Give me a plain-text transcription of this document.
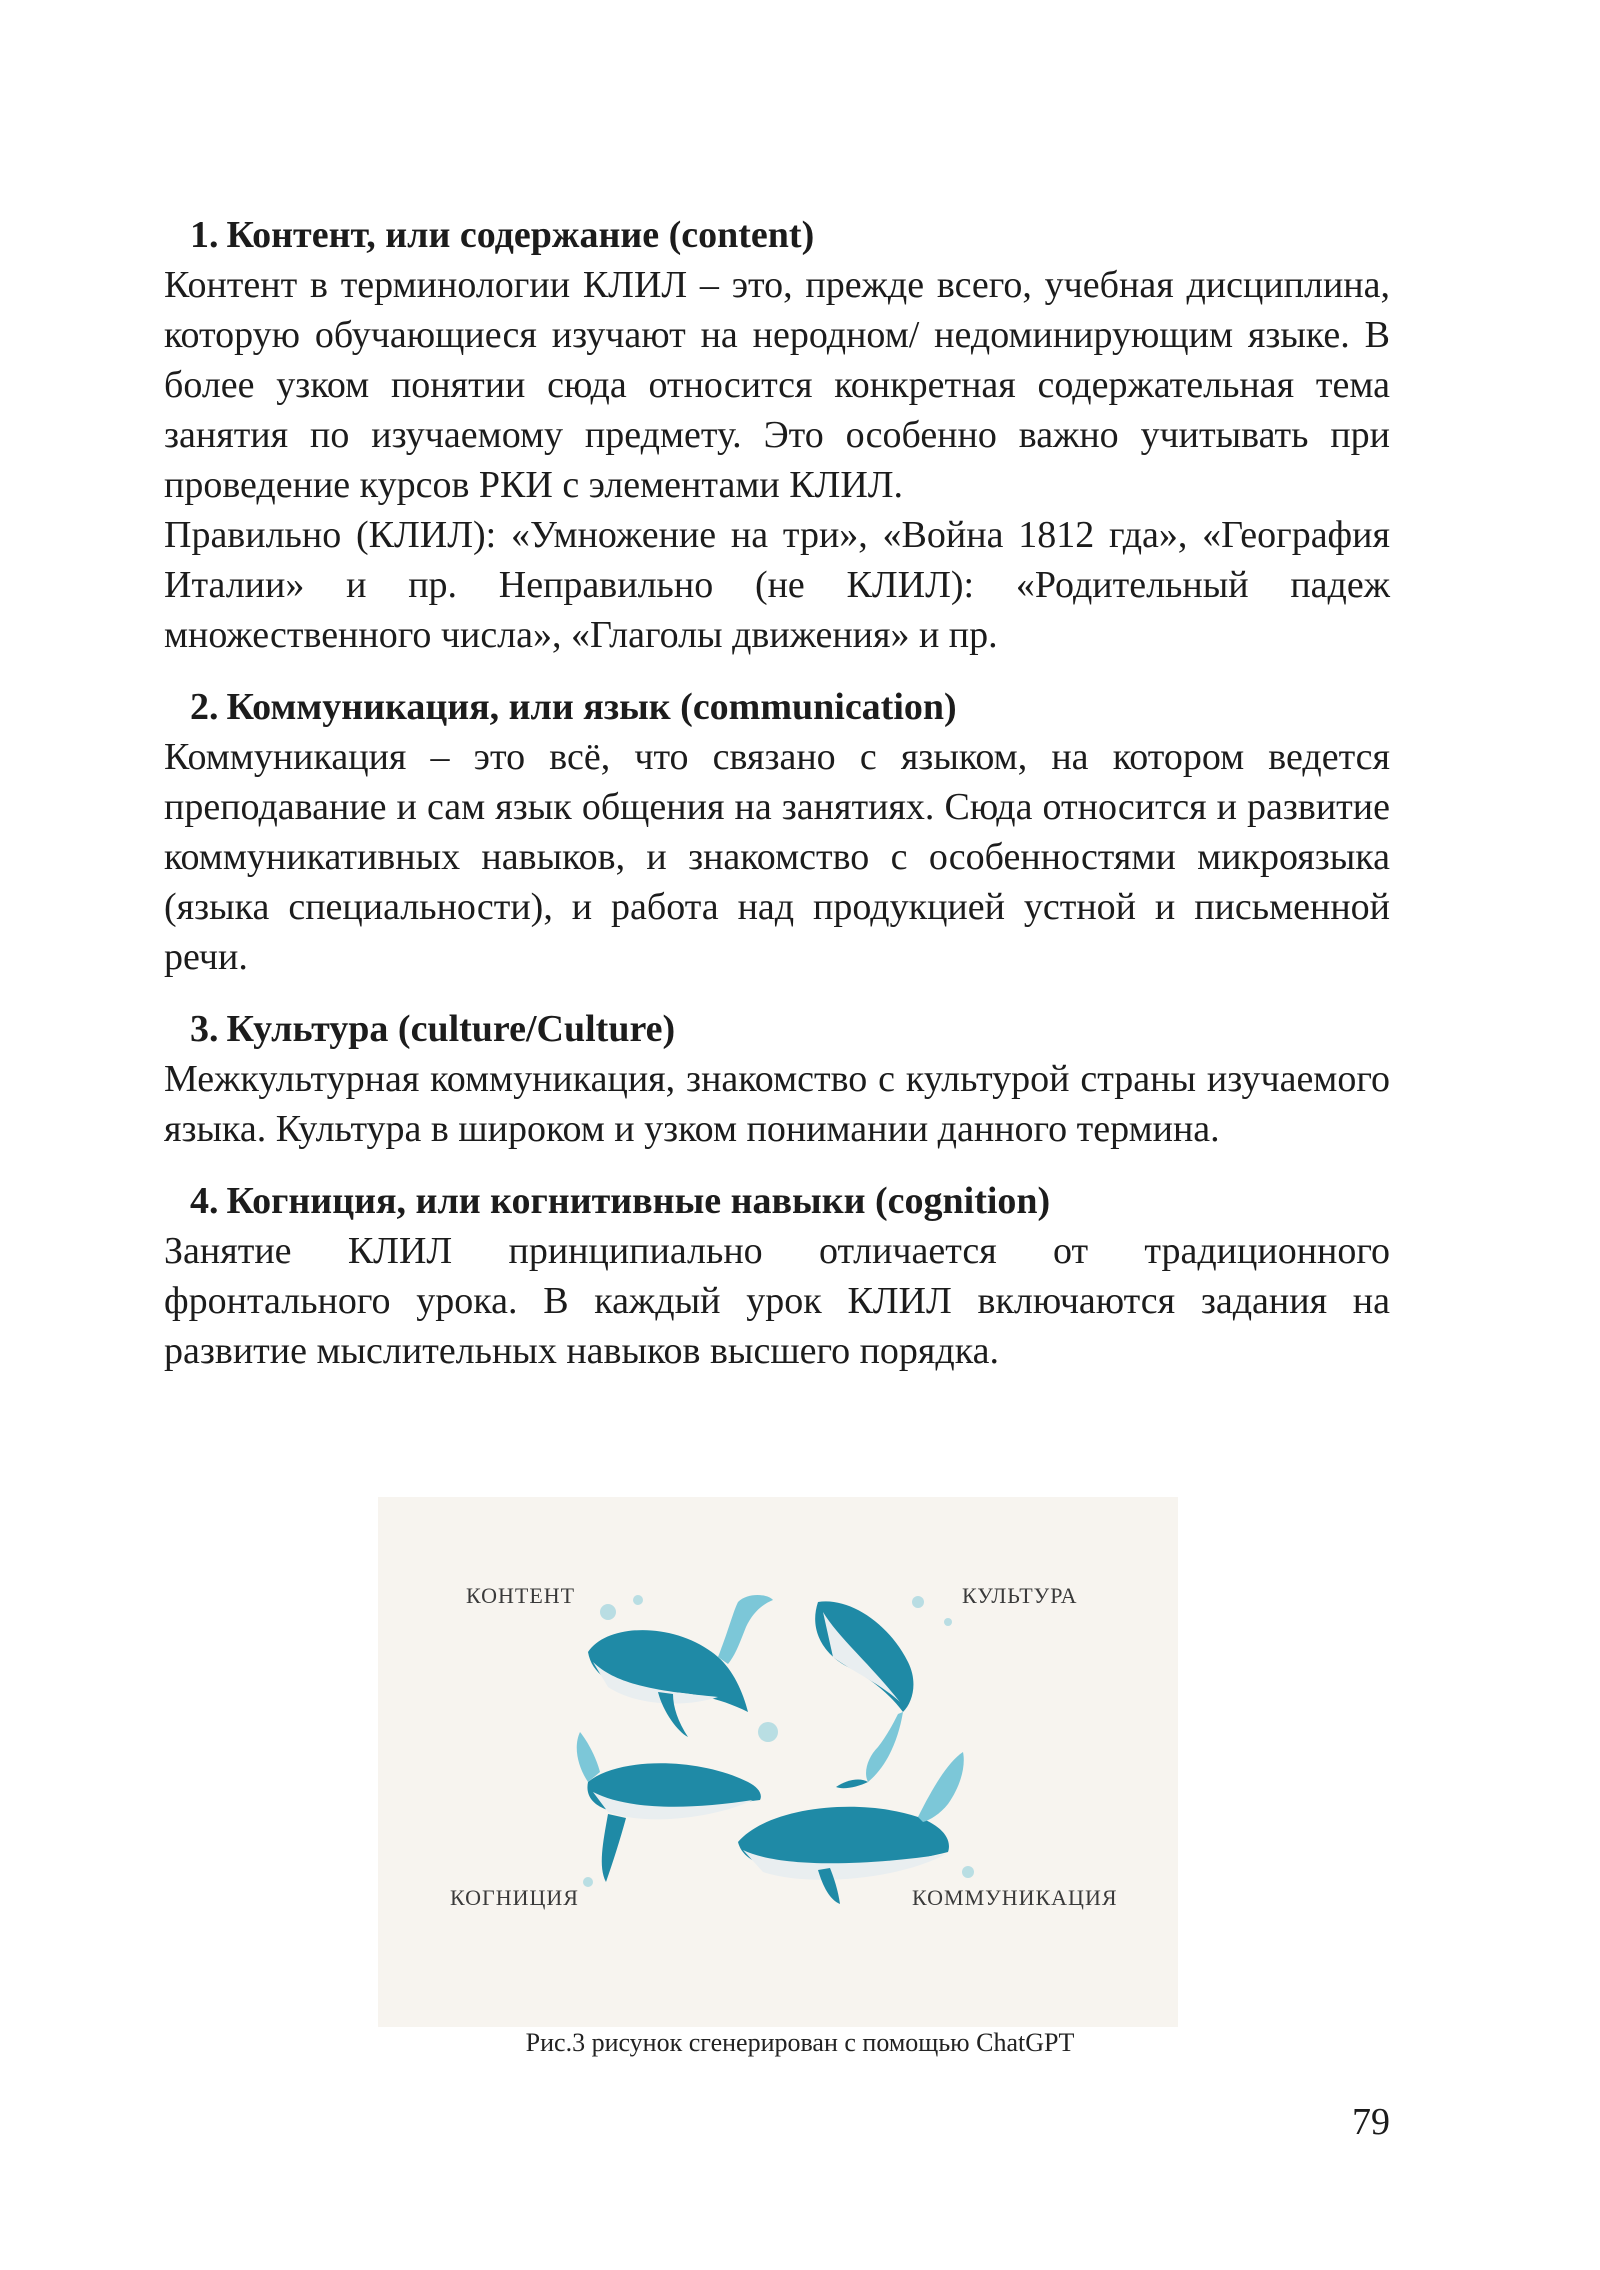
1. Контент, или содержание (content)

Контент в терминологии КЛИЛ – это, прежде всего, учебная дисциплина, которую обучающиеся изучают на неродном/ недоминирующим языке. В более узком понятии сюда относится конкретная содержательная тема занятия по изучаемому предмету. Это особенно важно учитывать при проведение курсов РКИ с элементами КЛИЛ.

Правильно (КЛИЛ): «Умножение на три», «Война 1812 гда», «География Италии» и пр. Неправильно (не КЛИЛ): «Родительный падеж множественного числа», «Глаголы движения» и пр.

2. Коммуникация, или язык (communication)

Коммуникация – это всё, что связано с языком, на котором ведется преподавание и сам язык общения на занятиях. Сюда относится и развитие коммуникативных навыков, и знакомство с особенностями микроязыка (языка специальности), и работа над продукцией устной и письменной речи.

3. Культура (culture/Culture)

Межкультурная коммуникация, знакомство с культурой страны изучаемого языка. Культура в широком и узком понимании данного термина.

4. Когниция, или когнитивные навыки (cognition)

Занятие КЛИЛ принципиально отличается от традиционного фронтального урока. В каждый урок КЛИЛ включаются задания на развитие мыслительных навыков высшего порядка.

КОНТЕНТ	КУЛЬТУРА
КОГНИЦИЯ	КОММУНИКАЦИЯ
Рис.3 рисунок сгенерирован с помощью ChatGPT
79
